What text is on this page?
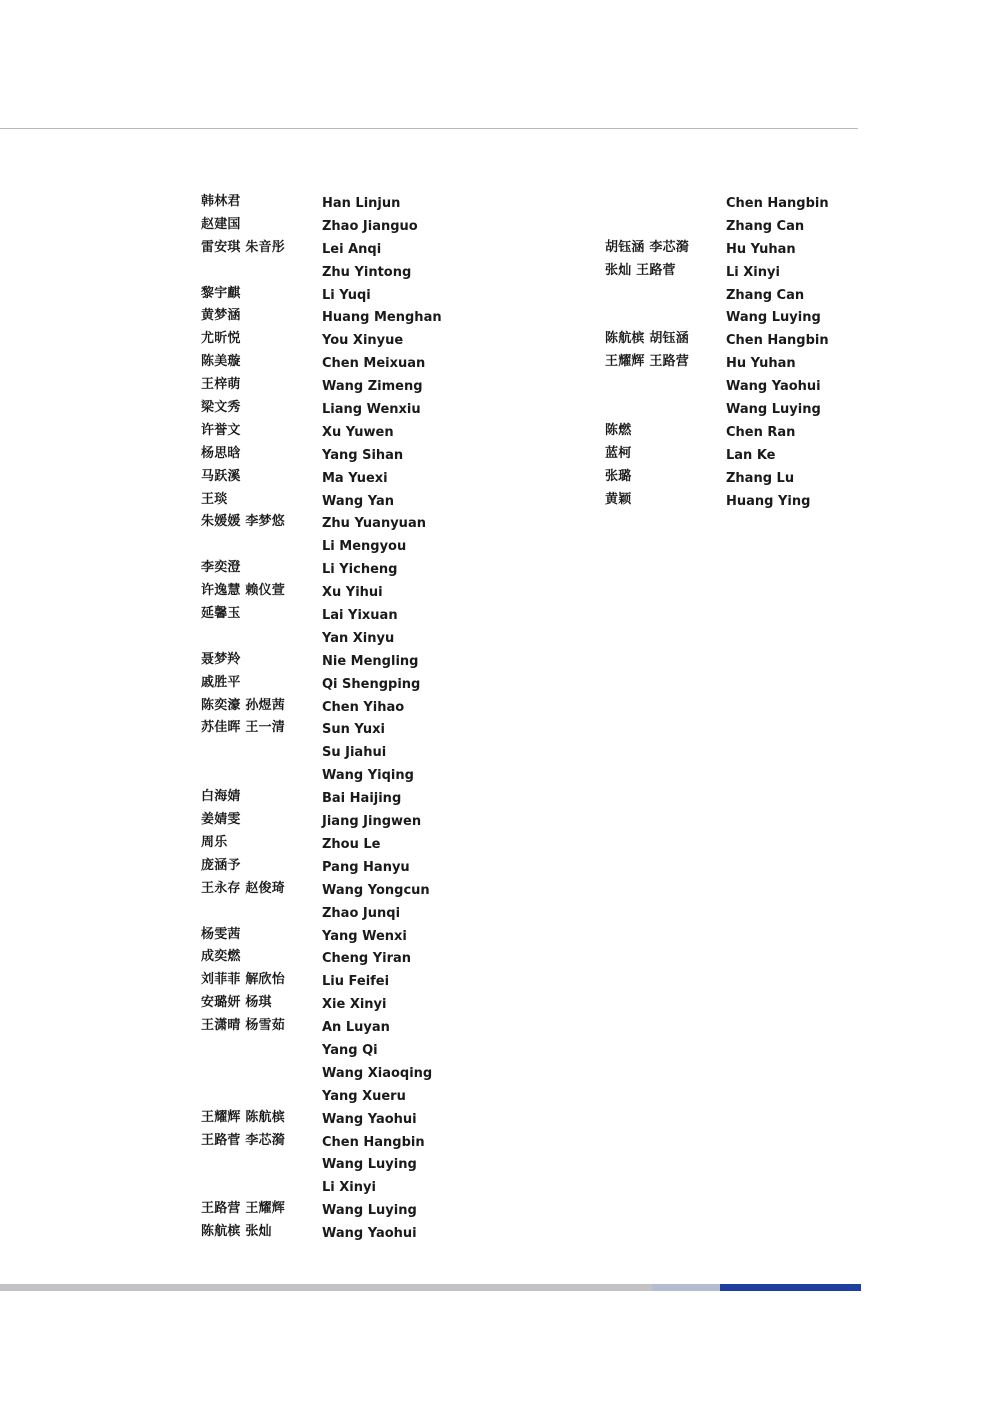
韩林君
赵建国
雷安琪 朱音彤
黎宇麒
黄梦涵
尤昕悦
陈美璇
王梓萌
梁文秀
许誉文
杨思晗
马跃溪
王琰
朱媛媛 李梦悠
李奕澄
许逸慧 赖仪萱
延馨玉
聂梦羚
戚胜平
陈奕濠 孙煜茜
苏佳晖 王一清
白海婧
姜婧雯
周乐
庞涵予
王永存 赵俊琦
杨雯茜
成奕燃
刘菲菲 解欣怡
安璐妍 杨琪
王潇晴 杨雪茹
王耀辉 陈航槟
王路菅 李芯漪
王路营 王耀辉
陈航槟 张灿
Han Linjun
Zhao Jianguo
Lei Anqi
Zhu Yintong
Li Yuqi
Huang Menghan
You Xinyue
Chen Meixuan
Wang Zimeng
Liang Wenxiu
Xu Yuwen
Yang Sihan
Ma Yuexi
Wang Yan
Zhu Yuanyuan
Li Mengyou
Li Yicheng
Xu Yihui
Lai Yixuan
Yan Xinyu
Nie Mengling
Qi Shengping
Chen Yihao
Sun Yuxi
Su Jiahui
Wang Yiqing
Bai Haijing
Jiang Jingwen
Zhou Le
Pang Hanyu
Wang Yongcun
Zhao Junqi
Yang Wenxi
Cheng Yiran
Liu Feifei
Xie Xinyi
An Luyan
Yang Qi
Wang Xiaoqing
Yang Xueru
Wang Yaohui
Chen Hangbin
Wang Luying
Li Xinyi
Wang Luying
Wang Yaohui
胡钰涵 李芯漪
张灿 王路菅
陈航槟 胡钰涵
王耀辉 王路营
陈燃
蓝柯
张璐
黄颖
Chen Hangbin
Zhang Can
Hu Yuhan
Li Xinyi
Zhang Can
Wang Luying
Chen Hangbin
Hu Yuhan
Wang Yaohui
Wang Luying
Chen Ran
Lan Ke
Zhang Lu
Huang Ying
